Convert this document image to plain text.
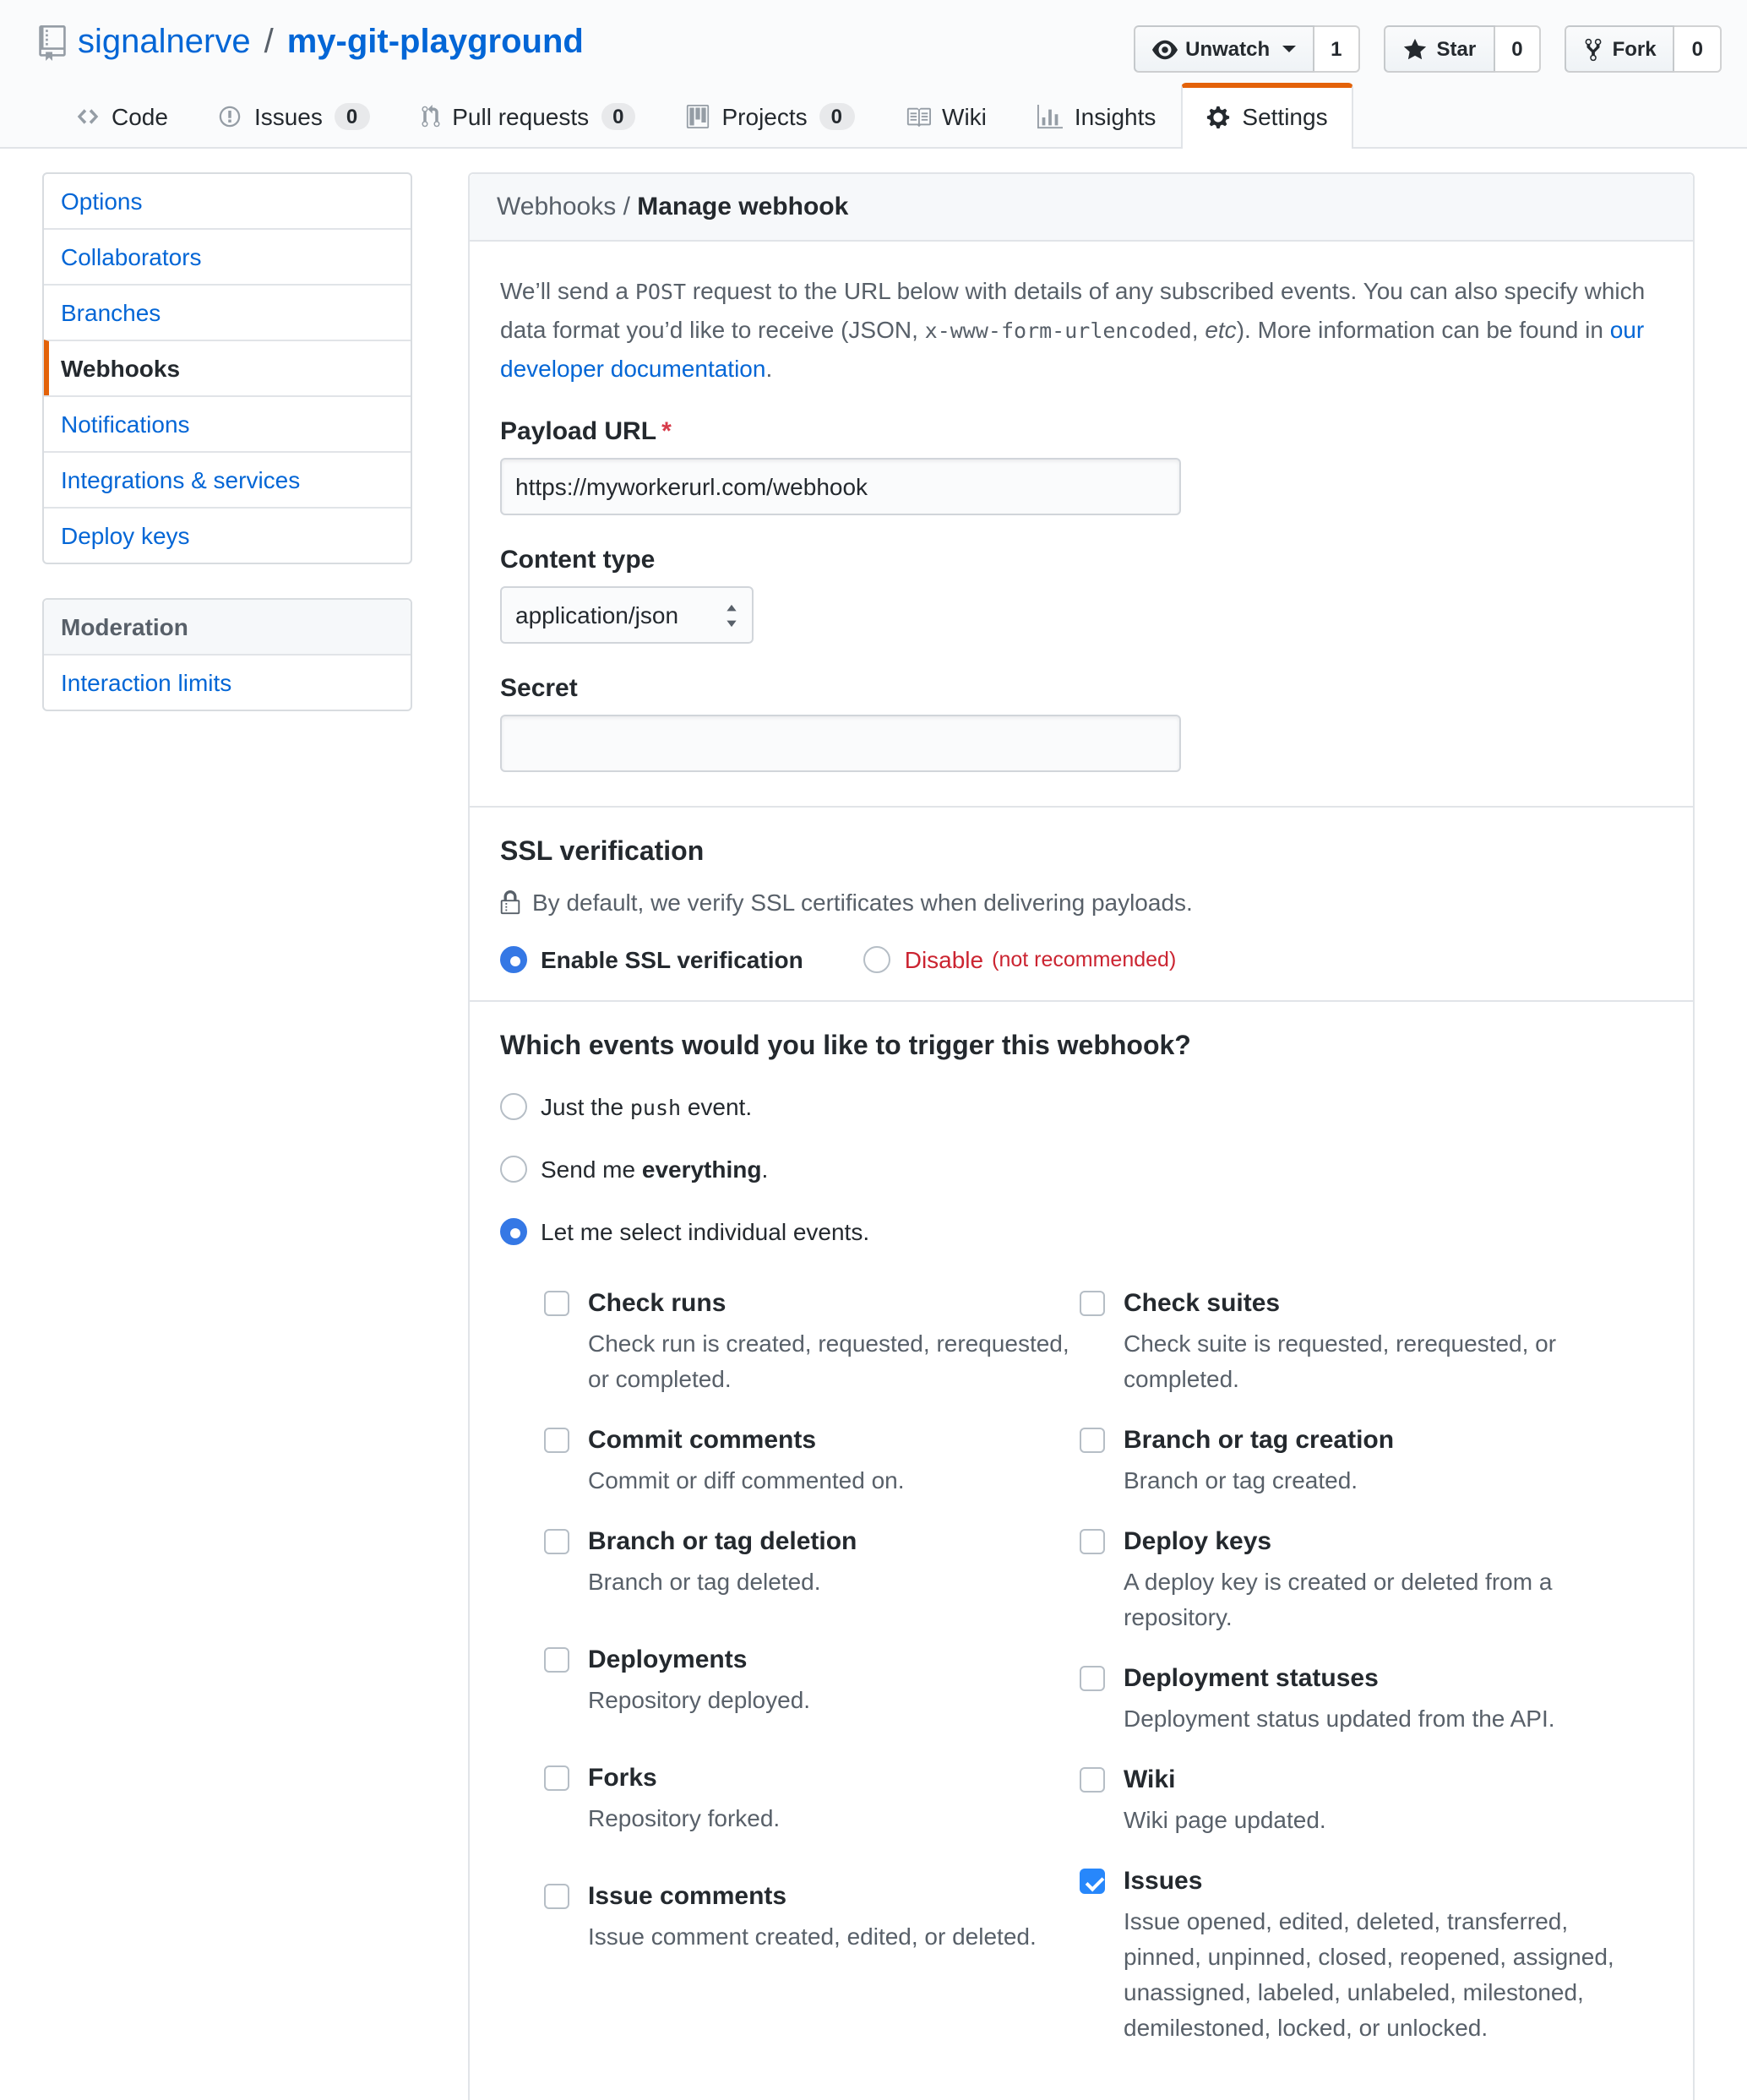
signalnerve / my-git-playground	Unwatch	1	Star	0	Fork	0
Code	Issues	0	Pull requests	0	Projects	0	Wiki	Insights	Settings
Options
Collaborators
Branches
Webhooks
Notifications
Integrations & services
Deploy keys
Moderation
Interaction limits
Webhooks / Manage webhook

We’ll send a POST request to the URL below with details of any subscribed events. You can also specify which data format you’d like to receive (JSON, x-www-form-urlencoded, etc). More information can be found in our developer documentation.

Payload URL *
https://myworkerurl.com/webhook
Content type
application/json
Secret
SSL verification
By default, we verify SSL certificates when delivering payloads.
Enable SSL verification	Disable (not recommended)
Which events would you like to trigger this webhook?
Just the push event.
Send me everything.
Let me select individual events.
Check runs
Check run is created, requested, rerequested, or completed.
Commit comments
Commit or diff commented on.
Branch or tag deletion
Branch or tag deleted.
Deployments
Repository deployed.
Forks
Repository forked.
Issue comments
Issue comment created, edited, or deleted.
Check suites
Check suite is requested, rerequested, or completed.
Branch or tag creation
Branch or tag created.
Deploy keys
A deploy key is created or deleted from a repository.
Deployment statuses
Deployment status updated from the API.
Wiki
Wiki page updated.
Issues
Issue opened, edited, deleted, transferred, pinned, unpinned, closed, reopened, assigned, unassigned, labeled, unlabeled, milestoned, demilestoned, locked, or unlocked.
